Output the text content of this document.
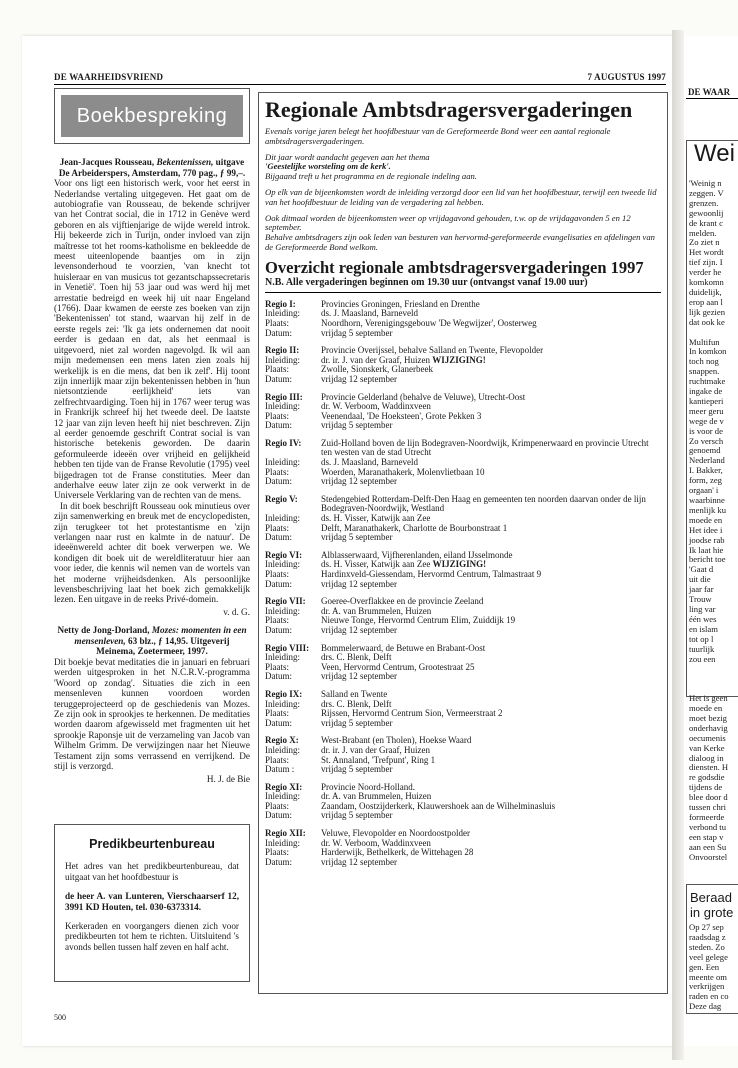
DE WAARHEIDSVRIEND	7 AUGUSTUS 1997
Boekbespreking
Jean-Jacques Rousseau, Bekentenissen, uitgave De Arbeiderspers, Amsterdam, 770 pag., ƒ 99,–.

Voor ons ligt een historisch werk, voor het eerst in Nederlandse vertaling uitgegeven. Het gaat om de autobiografie van Rousseau, de bekende schrijver van het Contrat social, die in 1712 in Genève werd geboren en als vijftienjarige de wijde wereld introk. Hij bekeerde zich in Turijn, onder invloed van zijn maîtresse tot het rooms-katholisme en bekleedde de meest uiteenlopende baantjes om in zijn levensonderhoud te voorzien, 'van knecht tot huisleraar en van musicus tot gezantschapssecretaris in Venetië'. Toen hij 53 jaar oud was werd hij met arrestatie bedreigd en week hij uit naar Engeland (1766). Daar kwamen de eerste zes boeken van zijn 'Bekentenissen' tot stand, waarvan hij zelf in de eerste regels zei: 'Ik ga iets ondernemen dat nooit eerder is gedaan en dat, als het eenmaal is uitgevoerd, niet zal worden nagevolgd. Ik wil aan mijn medemensen een mens laten zien zoals hij werkelijk is en die mens, dat ben ik zelf'. Hij toont zijn innerlijk maar zijn bekentenissen hebben in 'hun nietsontziende eerlijkheid' iets van zelfrechtvaardiging. Toen hij in 1767 weer terug was in Frankrijk schreef hij het tweede deel. De laatste 12 jaar van zijn leven heeft hij niet beschreven. Zijn al eerder genoemde geschrift Contrat social is van historische betekenis geworden. De daarin geformuleerde ideeën over vrijheid en gelijkheid hebben ten tijde van de Franse Revolutie (1795) veel bijgedragen tot de Franse constituties. Meer dan anderhalve eeuw later zijn ze ook verwerkt in de Universele Verklaring van de rechten van de mens.

In dit boek beschrijft Rousseau ook minutieus over zijn samenwerking en breuk met de encyclopedisten, zijn terugkeer tot het protestantisme en 'zijn verlangen naar rust en kalmte in de natuur'. De ideeënwereld achter dit boek verwerpen we. We kondigen dit boek uit de wereldliteratuur hier aan voor ieder, die kennis wil nemen van de wortels van het moderne vrijheidsdenken. Als persoonlijke levensbeschrijving laat het boek zich gemakkelijk lezen. Een uitgave in de reeks Privé-domein.

v. d. G.
Netty de Jong-Dorland, Mozes: momenten in een mensenleven, 63 blz., ƒ 14,95. Uitgeverij Meinema, Zoetermeer, 1997.

Dit boekje bevat meditaties die in januari en februari werden uitgesproken in het N.C.R.V.-programma 'Woord op zondag'. Situaties die zich in een mensenleven kunnen voordoen worden teruggeprojecteerd op de geschiedenis van Mozes. Ze zijn ook in sprookjes te herkennen. De meditaties worden daarom afgewisseld met fragmenten uit het sprookje Raponsje uit de verzameling van Jacob van Wilhelm Grimm. De verwijzingen naar het Nieuwe Testament zijn soms verrassend en verrijkend. De stijl is verzorgd.

H. J. de Bie
Predikbeurtenbureau

Het adres van het predikbeurtenbureau, dat uitgaat van het hoofdbestuur is

de heer A. van Lunteren, Vierschaarserf 12, 3991 KD Houten, tel. 030-6373314.

Kerkeraden en voorgangers dienen zich voor predikbeurten tot hem te richten. Uitsluitend 's avonds bellen tussen half zeven en half acht.

500
Regionale Ambtsdragersvergaderingen

Evenals vorige jaren belegt het hoofdbestuur van de Gereformeerde Bond weer een aantal regionale ambtsdragersvergaderingen.

Dit jaar wordt aandacht gegeven aan het thema
'Geestelijke worsteling om de kerk'.
Bijgaand treft u het programma en de regionale indeling aan.

Op elk van de bijeenkomsten wordt de inleiding verzorgd door een lid van het hoofdbestuur, terwijl een tweede lid van het hoofdbestuur de leiding van de vergadering zal hebben.

Ook ditmaal worden de bijeenkomsten weer op vrijdagavond gehouden, t.w. op de vrijdagavonden 5 en 12 september.

Behalve ambtsdragers zijn ook leden van besturen van hervormd-gereformeerde evangelisaties en afdelingen van de Gereformeerde Bond welkom.

Overzicht regionale ambtsdragersvergaderingen 1997
N.B. Alle vergaderingen beginnen om 19.30 uur (ontvangst vanaf 19.00 uur)
Regio I:	Provincies Groningen, Friesland en Drenthe
Inleiding:	ds. J. Maasland, Barneveld
Plaats:	Noordhorn, Verenigingsgebouw 'De Wegwijzer', Oosterweg
Datum:	vrijdag 5 september
Regio II:	Provincie Overijssel, behalve Salland en Twente, Flevopolder
Inleiding:	dr. ir. J. van der Graaf, Huizen WIJZIGING!
Plaats:	Zwolle, Sionskerk, Glanerbeek
Datum:	vrijdag 12 september
Regio III:	Provincie Gelderland (behalve de Veluwe), Utrecht-Oost
Inleiding:	dr. W. Verboom, Waddinxveen
Plaats:	Veenendaal, 'De Hoeksteen', Grote Pekken 3
Datum:	vrijdag 5 september
Regio IV:	Zuid-Holland boven de lijn Bodegraven-Noordwijk, Krimpenerwaard en provincie Utrecht ten westen van de stad Utrecht
Inleiding:	ds. J. Maasland, Barneveld
Plaats:	Woerden, Maranathakerk, Molenvlietbaan 10
Datum:	vrijdag 12 september
Regio V:	Stedengebied Rotterdam-Delft-Den Haag en gemeenten ten noorden daarvan onder de lijn Bodegraven-Noordwijk, Westland
Inleiding:	ds. H. Visser, Katwijk aan Zee
Plaats:	Delft, Maranathakerk, Charlotte de Bourbonstraat 1
Datum:	vrijdag 5 september
Regio VI:	Alblasserwaard, Vijfherenlanden, eiland IJsselmonde
Inleiding:	ds. H. Visser, Katwijk aan Zee WIJZIGING!
Plaats:	Hardinxveld-Giessendam, Hervormd Centrum, Talmastraat 9
Datum:	vrijdag 12 september
Regio VII:	Goeree-Overflakkee en de provincie Zeeland
Inleiding:	dr. A. van Brummelen, Huizen
Plaats:	Nieuwe Tonge, Hervormd Centrum Elim, Zuiddijk 19
Datum:	vrijdag 12 september
Regio VIII:	Bommelerwaard, de Betuwe en Brabant-Oost
Inleiding:	drs. C. Blenk, Delft
Plaats:	Veen, Hervormd Centrum, Grootestraat 25
Datum:	vrijdag 12 september
Regio IX:	Salland en Twente
Inleiding:	drs. C. Blenk, Delft
Plaats:	Rijssen, Hervormd Centrum Sion, Vermeerstraat 2
Datum:	vrijdag 5 september
Regio X:	West-Brabant (en Tholen), Hoekse Waard
Inleiding:	dr. ir. J. van der Graaf, Huizen
Plaats:	St. Annaland, 'Trefpunt', Ring 1
Datum :	vrijdag 5 september
Regio XI:	Provincie Noord-Holland.
Inleiding:	dr. A. van Brummelen, Huizen
Plaats:	Zaandam, Oostzijderkerk, Klauwershoek aan de Wilhelminasluis
Datum:	vrijdag 5 september
Regio XII:	Veluwe, Flevopolder en Noordoostpolder
Inleiding:	dr. W. Verboom, Waddinxveen
Plaats:	Harderwijk, Bethelkerk, de Wittehagen 28
Datum:	vrijdag 12 september
DE WAAR
Wei
'Weinig n
zeggen. V
grenzen.
gewoonlij
de krant c
melden.
Zo ziet n
Het wordt
tief zijn. I
verder he
komkomn
duidelijk,
erop aan l
lijk gezien
dat ook ke

Multifun
In komkon
toch nog
snappen.
ruchtmake
ingake de
kantieperi
meer geru
wege de v
is voor de
Zo versch
genoemd
Nederland
I. Bakker,
form, zeg
orgaan' i
waarbinne
menlijk ku
moede en
Het idee i
joodse rab
Ik laat hie
bericht toe
'Gaat d
uit die
jaar far
Trouw
ling var
één wes
en islam
tot op l
tuurlijk
zou een

Het is geen
moede en
moet bezig
onderhavig
oecumenis
van Kerke
dialoog in
diensten. H
re godsdie
tijdens de
blee door d
tussen chri
formeerde
verbond tu
een stap v
aan een Su
Onvoorstel
Beraad
in grote
Op 27 sep
raadsdag z
steden. Zo
veel gelege
gen. Een
meente om
verkrijgen
raden en co
Deze dag
